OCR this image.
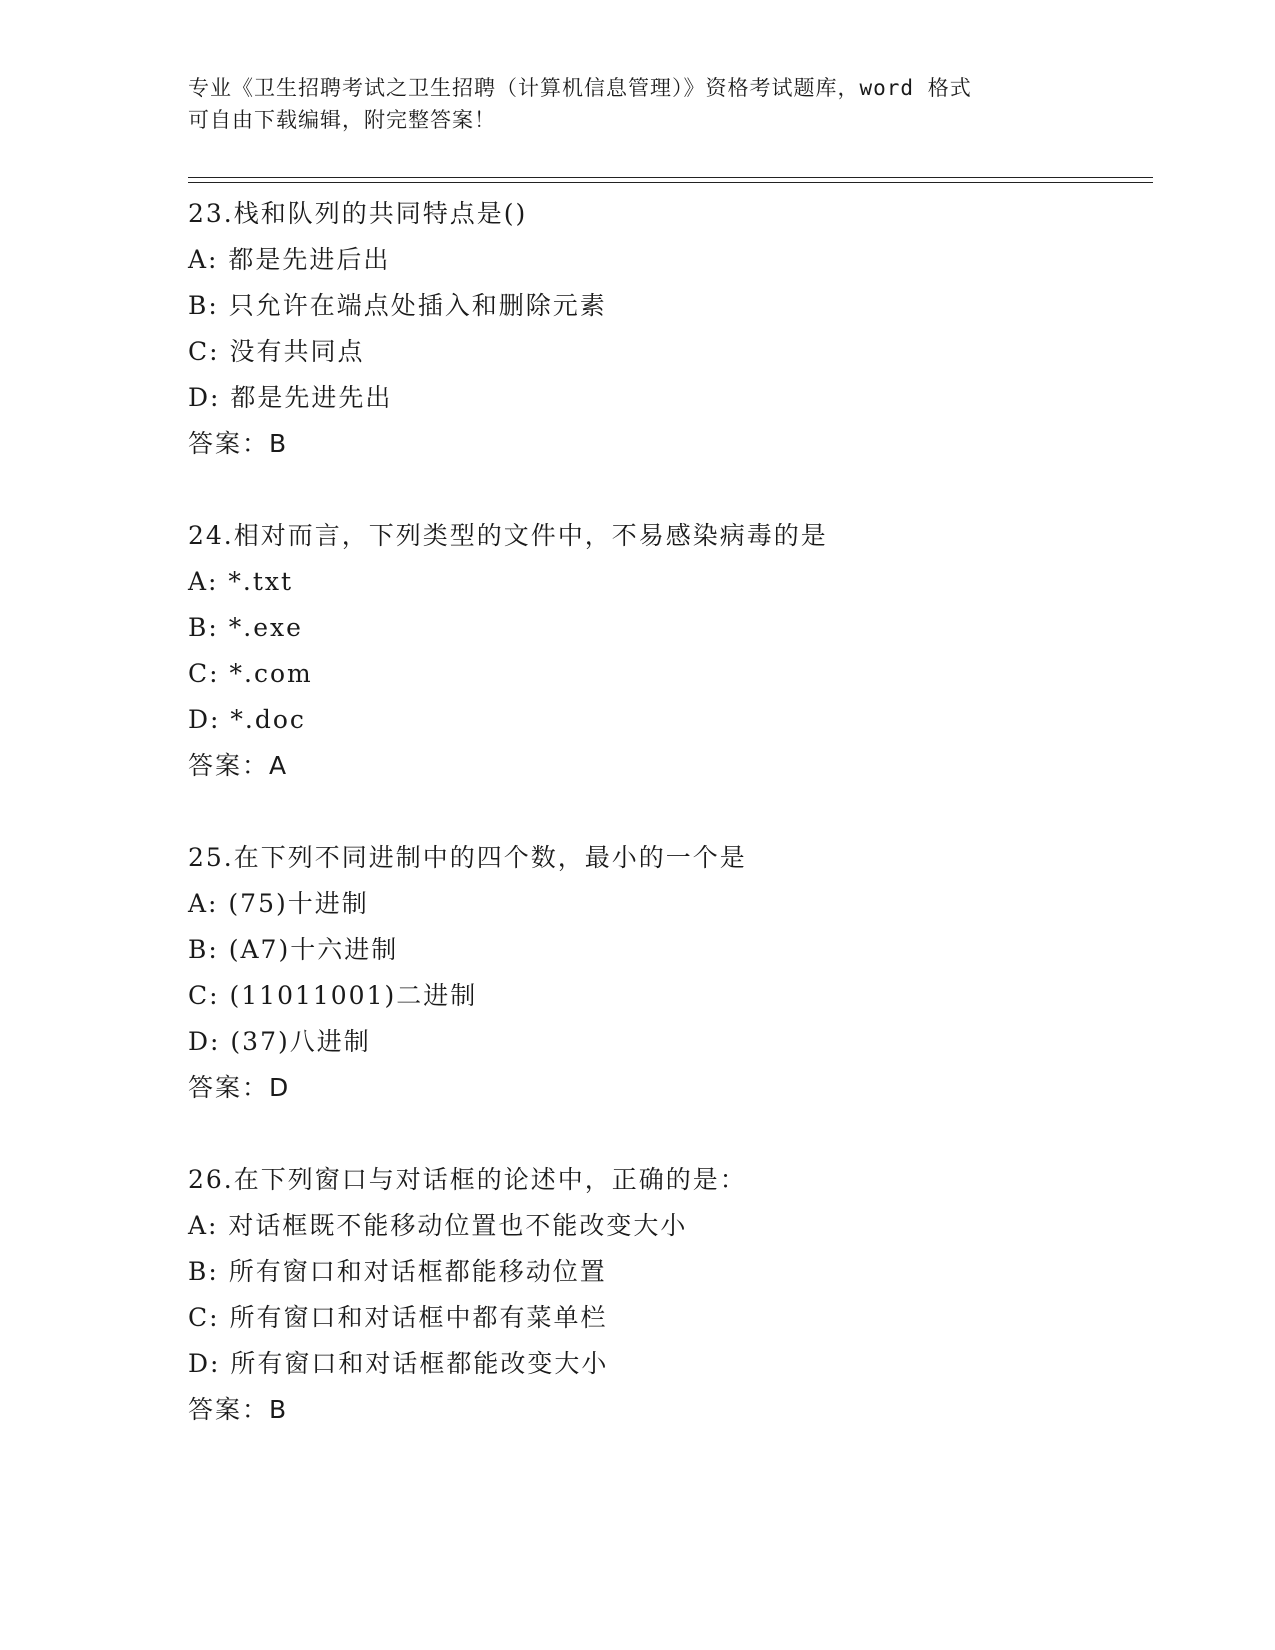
专业《卫生招聘考试之卫生招聘（计算机信息管理）》资格考试题库，word 格式
可自由下载编辑，附完整答案！
23.栈和队列的共同特点是()
A: 都是先进后出
B: 只允许在端点处插入和删除元素
C: 没有共同点
D: 都是先进先出
答案：B
24.相对而言，下列类型的文件中，不易感染病毒的是
A: *.txt
B: *.exe
C: *.com
D: *.doc
答案：A
25.在下列不同进制中的四个数，最小的一个是
A: (75)十进制
B: (A7)十六进制
C: (11011001)二进制
D: (37)八进制
答案：D
26.在下列窗口与对话框的论述中，正确的是：
A: 对话框既不能移动位置也不能改变大小
B: 所有窗口和对话框都能移动位置
C: 所有窗口和对话框中都有菜单栏
D: 所有窗口和对话框都能改变大小
答案：B
